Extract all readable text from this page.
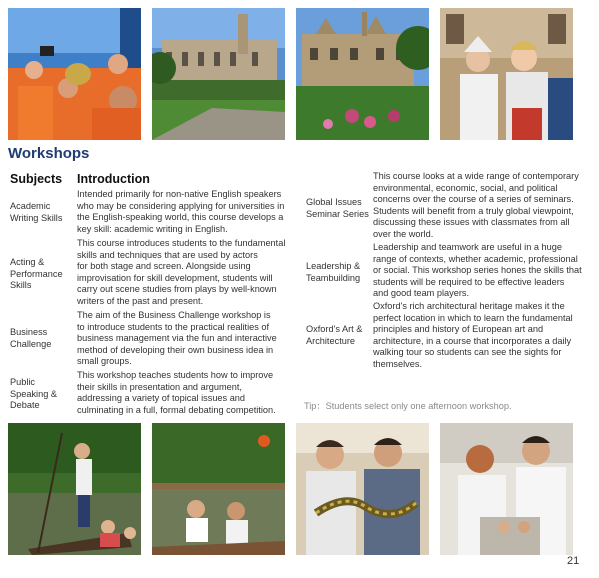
Workshops
Subjects Introduction
Academic
Writing Skills
Intended primarily for non-native English speakers
who may be considering applying for universities in
the English-speaking world, this course develops a
key skill: academic writing in English.
Acting &
Performance
Skills
This course introduces students to the fundamental
skills and techniques that are used by actors
for both stage and screen. Alongside using
improvisation for skill development, students will
carry out scene studies from plays by well-known
writers of the past and present.
Business
Challenge
The aim of the Business Challenge workshop is
to introduce students to the practical realities of
business management via the fun and interactive
method of developing their own business idea in
small groups.
Public
Speaking &
Debate
This workshop teaches students how to improve
their skills in presentation and argument,
addressing a variety of topical issues and
culminating in a full, formal debating competition.
Global Issues
Seminar Series
This course looks at a wide range of contemporary
environmental, economic, social, and political
concerns over the course of a series of seminars.
Students will benefit from a truly global viewpoint,
discussing these issues with classmates from all
over the world.
Leadership &
Teambuilding
Leadership and teamwork are useful in a huge
range of contexts, whether academic, professional
or social. This workshop series hones the skills that
students will be required to be effective leaders
and good team players.
Oxford's Art &
Architecture
Oxford's rich architectural heritage makes it the
perfect location in which to learn the fundamental
principles and history of European art and
architecture, in a course that incorporates a daily
walking tour so students can see the sights for
themselves.
Tip：Students select only one afternoon workshop.
21
